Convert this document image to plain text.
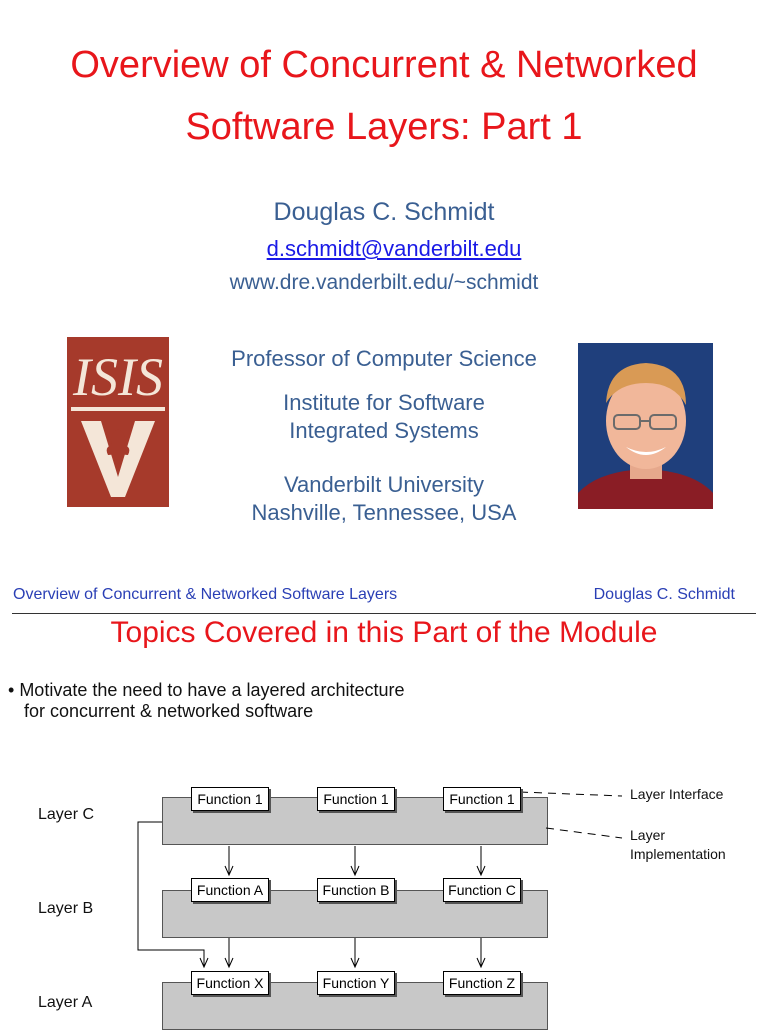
Overview of Concurrent & Networked
Software Layers: Part 1
Douglas C. Schmidt
d.schmidt@vanderbilt.edu
www.dre.vanderbilt.edu/~schmidt
ISIS	Professor of Computer Science
Institute for Software
Integrated Systems
Vanderbilt University
Nashville, Tennessee, USA
Overview of Concurrent & Networked Software Layers	Douglas C. Schmidt
Topics Covered in this Part of the Module
• Motivate the need to have a layered architecture
for concurrent & networked software
Layer C
Layer B
Layer A
Function 1	Function 1	Function 1
Function A	Function B	Function C
Function X	Function Y	Function Z
Layer Interface
Layer
Implementation
